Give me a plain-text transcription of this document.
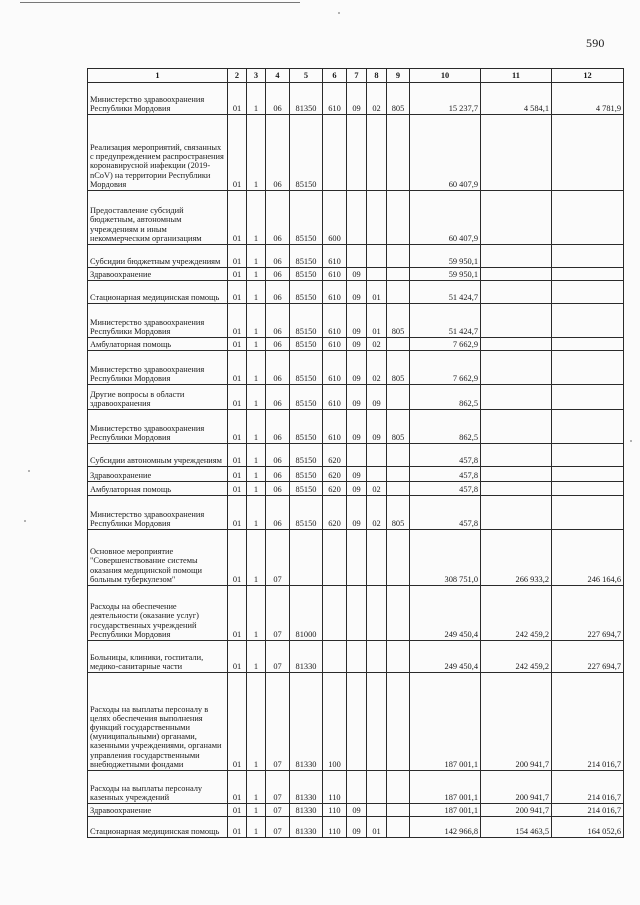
590
1	2	3	4	5	6	7	8	9	10	11	12
Министерство здравоохранения Республики Мордовия	01	1	06	81350	610	09	02	805	15 237,7	4 584,1	4 781,9
Реализация мероприятий, связанных с предупреждением распространения коронавирусной инфекции (2019-nCoV) на территории Республики Мордовия	01	1	06	85150					60 407,9		
Предоставление субсидий бюджетным, автономным учреждениям и иным некоммерческим организациям	01	1	06	85150	600				60 407,9		
Субсидии бюджетным учреждениям	01	1	06	85150	610				59 950,1		
Здравоохранение	01	1	06	85150	610	09			59 950,1		
Стационарная медицинская помощь	01	1	06	85150	610	09	01		51 424,7		
Министерство здравоохранения Республики Мордовия	01	1	06	85150	610	09	01	805	51 424,7		
Амбулаторная помощь	01	1	06	85150	610	09	02		7 662,9		
Министерство здравоохранения Республики Мордовия	01	1	06	85150	610	09	02	805	7 662,9		
Другие вопросы в области здравоохранения	01	1	06	85150	610	09	09		862,5		
Министерство здравоохранения Республики Мордовия	01	1	06	85150	610	09	09	805	862,5		
Субсидии автономным учреждениям	01	1	06	85150	620				457,8		
Здравоохранение	01	1	06	85150	620	09			457,8		
Амбулаторная помощь	01	1	06	85150	620	09	02		457,8		
Министерство здравоохранения Республики Мордовия	01	1	06	85150	620	09	02	805	457,8		
Основное мероприятие "Совершенствование системы оказания медицинской помощи больным туберкулезом"	01	1	07						308 751,0	266 933,2	246 164,6
Расходы на обеспечение деятельности (оказание услуг) государственных учреждений Республики Мордовия	01	1	07	81000					249 450,4	242 459,2	227 694,7
Больницы, клиники, госпитали, медико-санитарные части	01	1	07	81330					249 450,4	242 459,2	227 694,7
Расходы на выплаты персоналу в целях обеспечения выполнения функций государственными (муниципальными) органами, казенными учреждениями, органами управления государственными внебюджетными фондами	01	1	07	81330	100				187 001,1	200 941,7	214 016,7
Расходы на выплаты персоналу казенных учреждений	01	1	07	81330	110				187 001,1	200 941,7	214 016,7
Здравоохранение	01	1	07	81330	110	09			187 001,1	200 941,7	214 016,7
Стационарная медицинская помощь	01	1	07	81330	110	09	01		142 966,8	154 463,5	164 052,6
